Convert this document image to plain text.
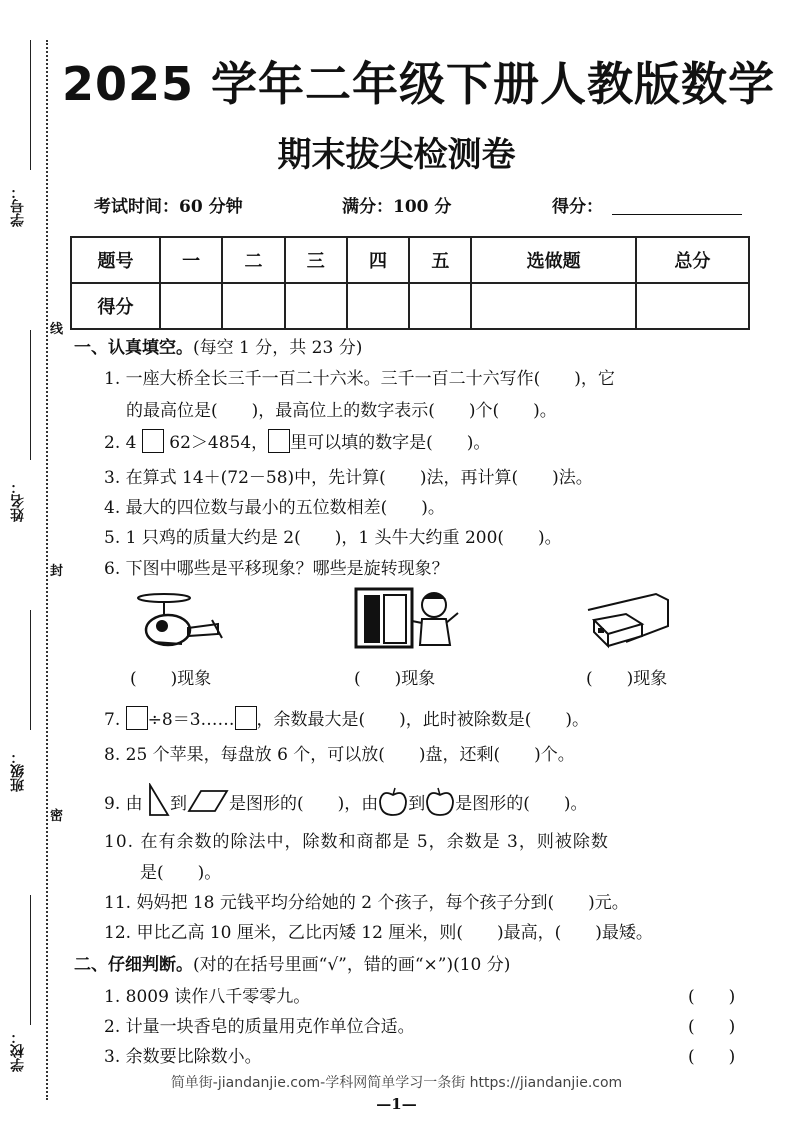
学号：
线
姓名：
封
班级：
密
学校：
2025 学年二年级下册人教版数学
期末拔尖检测卷
考试时间：60 分钟	满分：100 分	得分：
题号	一	二	三	四	五	选做题	总分
得分							
一、认真填空。(每空 1 分，共 23 分)
1. 一座大桥全长三千一百二十六米。三千一百二十六写作(　　)，它
的最高位是(　　)，最高位上的数字表示(　　)个(　　)。
2. 4 62＞4854， 里可以填的数字是(　　)。
3. 在算式 14＋(72－58)中，先计算(　　)法，再计算(　　)法。
4. 最大的四位数与最小的五位数相差(　　)。
5. 1 只鸡的质量大约是 2(　　)，1 头牛大约重 200(　　)。
6. 下图中哪些是平移现象？哪些是旋转现象？
(　　)现象	(　　)现象	(　　)现象
7. ÷8＝3…… ，余数最大是(　　)，此时被除数是(　　)。
8. 25 个苹果，每盘放 6 个，可以放(　　)盘，还剩(　　)个。
9. 由 到 是图形的(　　)，由 到 是图形的(　　)。
10. 在有余数的除法中，除数和商都是 5，余数是 3，则被除数
是(　　)。
11. 妈妈把 18 元钱平均分给她的 2 个孩子，每个孩子分到(　　)元。
12. 甲比乙高 10 厘米，乙比丙矮 12 厘米，则(　　)最高，(　　)最矮。
二、仔细判断。(对的在括号里画“√”，错的画“×”)(10 分)
1. 8009 读作八千零零九。	(　　)
2. 计量一块香皂的质量用克作单位合适。	(　　)
3. 余数要比除数小。	(　　)
简单街-jiandanjie.com-学科网简单学习一条街 https://jiandanjie.com
—1—
